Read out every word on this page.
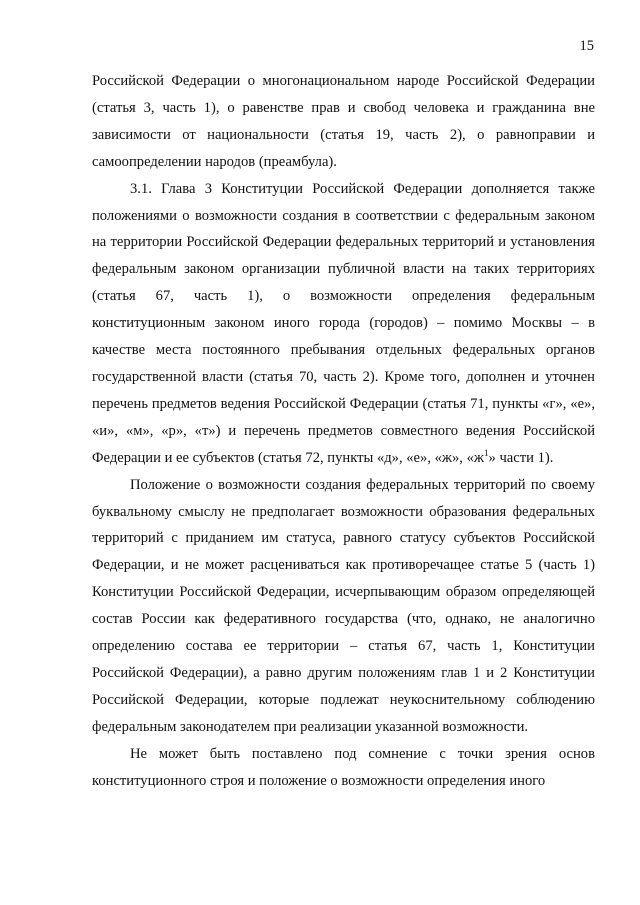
15

Российской Федерации о многонациональном народе Российской Федерации (статья 3, часть 1), о равенстве прав и свобод человека и гражданина вне зависимости от национальности (статья 19, часть 2), о равноправии и самоопределении народов (преамбула).

3.1. Глава 3 Конституции Российской Федерации дополняется также положениями о возможности создания в соответствии с федеральным законом на территории Российской Федерации федеральных территорий и установления федеральным законом организации публичной власти на таких территориях (статья 67, часть 1), о возможности определения федеральным конституционным законом иного города (городов) – помимо Москвы – в качестве места постоянного пребывания отдельных федеральных органов государственной власти (статья 70, часть 2). Кроме того, дополнен и уточнен перечень предметов ведения Российской Федерации (статья 71, пункты «г», «е», «и», «м», «р», «т») и перечень предметов совместного ведения Российской Федерации и ее субъектов (статья 72, пункты «д», «е», «ж», «$ж^1$» части 1).

Положение о возможности создания федеральных территорий по своему буквальному смыслу не предполагает возможности образования федеральных территорий с приданием им статуса, равного статусу субъектов Российской Федерации, и не может расцениваться как противоречащее статье 5 (часть 1) Конституции Российской Федерации, исчерпывающим образом определяющей состав России как федеративного государства (что, однако, не аналогично определению состава ее территории – статья 67, часть 1, Конституции Российской Федерации), а равно другим положениям глав 1 и 2 Конституции Российской Федерации, которые подлежат неукоснительному соблюдению федеральным законодателем при реализации указанной возможности.

Не может быть поставлено под сомнение с точки зрения основ конституционного строя и положение о возможности определения иного
